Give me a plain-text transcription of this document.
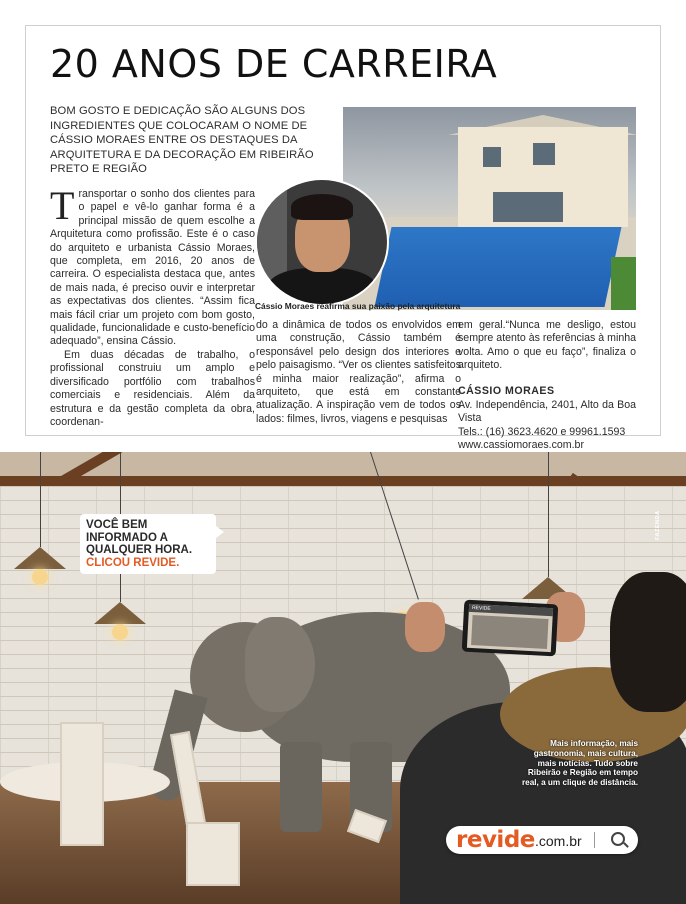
20 ANOS DE CARREIRA
BOM GOSTO E DEDICAÇÃO SÃO ALGUNS DOS INGREDIENTES QUE COLOCARAM O NOME DE CÁSSIO MORAES ENTRE OS DESTAQUES DA ARQUITETURA E DA DECORAÇÃO EM RIBEIRÃO PRETO E REGIÃO
Cássio Moraes reafirma sua paixão pela arquitetura

Transportar o sonho dos clientes para o papel e vê-lo ganhar forma é a principal missão de quem escolhe a Arquitetura como profissão. Este é o caso do arquiteto e urbanista Cássio Moraes, que completa, em 2016, 20 anos de carreira. O especialista destaca que, antes de mais nada, é preciso ouvir e interpretar as expectativas dos clientes. “Assim fica mais fácil criar um projeto com bom gosto, qualidade, funcionalidade e custo-benefício adequado”, ensina Cássio.

Em duas décadas de trabalho, o profissional construiu um amplo e diversificado portfólio com trabalhos comerciais e residenciais. Além da estrutura e da gestão completa da obra, coordenan-

do a dinâmica de todos os envolvidos em uma construção, Cássio também é responsável pelo design dos interiores e pelo paisagismo. “Ver os clientes satisfeitos é minha maior realização”, afirma o arquiteto, que está em constante atualização. A inspiração vem de todos os lados: filmes, livros, viagens e pesquisas

em geral.“Nunca me desligo, estou sempre atento às referências à minha volta. Amo o que eu faço”, finaliza o arquiteto.

CÁSSIO MORAES
Av. Independência, 2401, Alto da Boa Vista
Tels.: (16) 3623.4620 e 99961.1593
www.cassiomoraes.com.br
VOCÊ BEM INFORMADO A QUALQUER HORA.
CLICOU REVIDE.
REVIDE
FAZENDA
Mais informação, mais gastronomia, mais cultura, mais notícias. Tudo sobre Ribeirão e Região em tempo real, a um clique de distância.
revide .com.br
